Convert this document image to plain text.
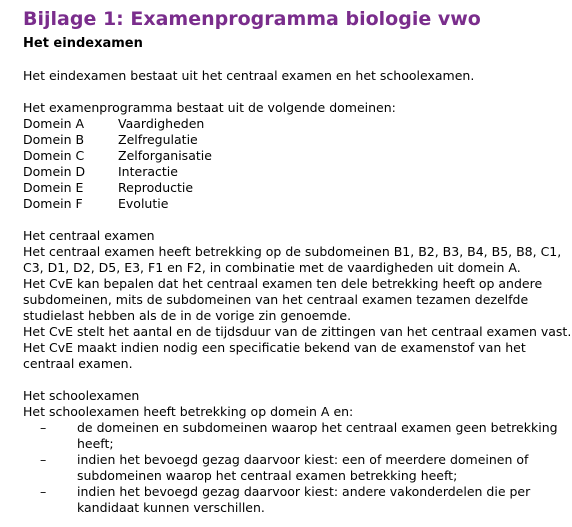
Bijlage 1: Examenprogramma biologie vwo
Het eindexamen

Het eindexamen bestaat uit het centraal examen en het schoolexamen.

Het examenprogramma bestaat uit de volgende domeinen:

Domein A	Vaardigheden
Domein B	Zelfregulatie
Domein C	Zelforganisatie
Domein D	Interactie
Domein E	Reproductie
Domein F	Evolutie

Het centraal examen

Het centraal examen heeft betrekking op de subdomeinen B1, B2, B3, B4, B5, B8, C1,

C3, D1, D2, D5, E3, F1 en F2, in combinatie met de vaardigheden uit domein A.

Het CvE kan bepalen dat het centraal examen ten dele betrekking heeft op andere

subdomeinen, mits de subdomeinen van het centraal examen tezamen dezelfde

studielast hebben als de in de vorige zin genoemde.

Het CvE stelt het aantal en de tijdsduur van de zittingen van het centraal examen vast.

Het CvE maakt indien nodig een specificatie bekend van de examenstof van het

centraal examen.

Het schoolexamen

Het schoolexamen heeft betrekking op domein A en:

– de domeinen en subdomeinen waarop het centraal examen geen betrekking
heeft;
– indien het bevoegd gezag daarvoor kiest: een of meerdere domeinen of
subdomeinen waarop het centraal examen betrekking heeft;
– indien het bevoegd gezag daarvoor kiest: andere vakonderdelen die per
kandidaat kunnen verschillen.
